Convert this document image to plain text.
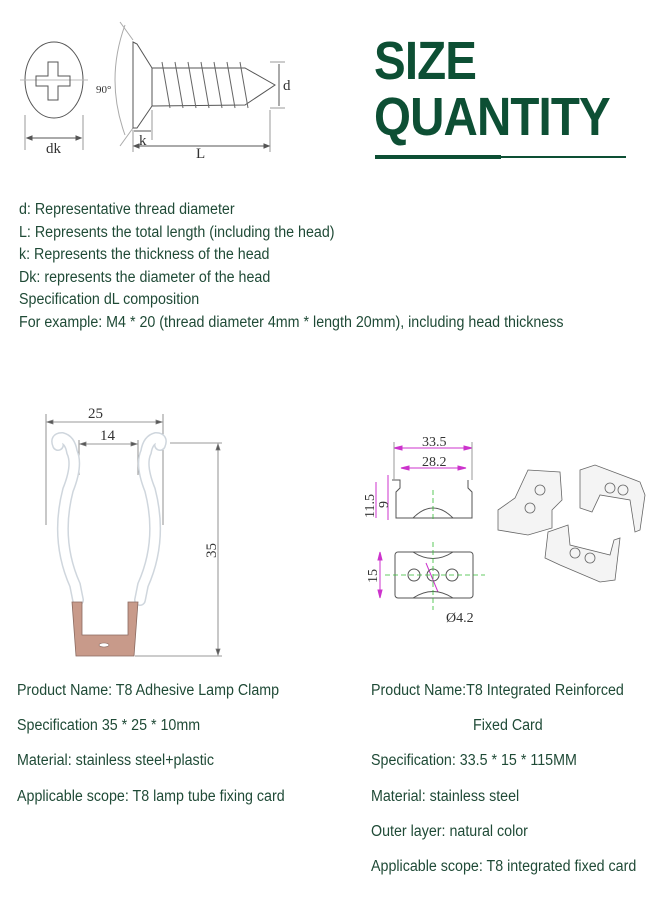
dk
90°
k
L
d SIZE
QUANTITY
d: Representative thread diameter
L: Represents the total length (including the head)
k: Represents the thickness of the head
Dk: represents the diameter of the head
Specification dL composition
For example: M4 * 20 (thread diameter 4mm * length 20mm), including head thickness
25
14
35
33.5
28.2
11.5 9
15
Ø4.2
Product Name: T8 Adhesive Lamp Clamp
Specification 35 * 25 * 10mm
Material: stainless steel+plastic
Applicable scope: T8 lamp tube fixing card
Product Name:T8 Integrated Reinforced
Fixed Card
Specification: 33.5 * 15 * 115MM
Material: stainless steel
Outer layer: natural color
Applicable scope: T8 integrated fixed card
